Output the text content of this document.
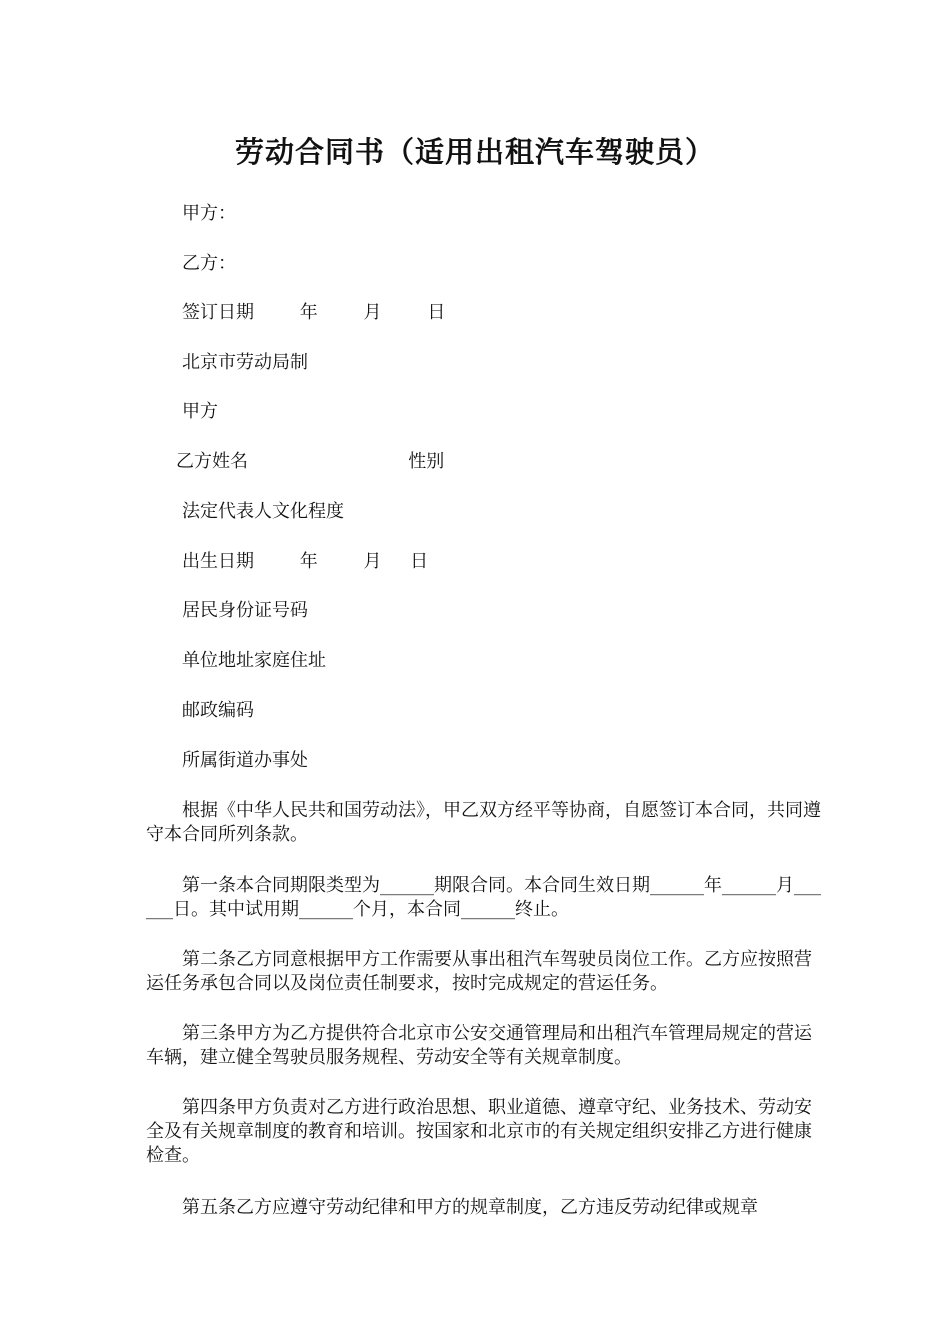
劳动合同书（适用出租汽车驾驶员）
甲方：
乙方：
签订日期        年        月        日
北京市劳动局制
甲方
乙方姓名                            性别
法定代表人文化程度
出生日期        年        月     日
居民身份证号码
单位地址家庭住址
邮政编码
所属街道办事处
根据《中华人民共和国劳动法》，甲乙双方经平等协商，自愿签订本合同，共同遵守本合同所列条款。
第一条本合同期限类型为______期限合同。本合同生效日期______年______月______日。其中试用期______个月，本合同______终止。
第二条乙方同意根据甲方工作需要从事出租汽车驾驶员岗位工作。乙方应按照营运任务承包合同以及岗位责任制要求，按时完成规定的营运任务。
第三条甲方为乙方提供符合北京市公安交通管理局和出租汽车管理局规定的营运车辆，建立健全驾驶员服务规程、劳动安全等有关规章制度。
第四条甲方负责对乙方进行政治思想、职业道德、遵章守纪、业务技术、劳动安全及有关规章制度的教育和培训。按国家和北京市的有关规定组织安排乙方进行健康检查。
第五条乙方应遵守劳动纪律和甲方的规章制度，乙方违反劳动纪律或规章
